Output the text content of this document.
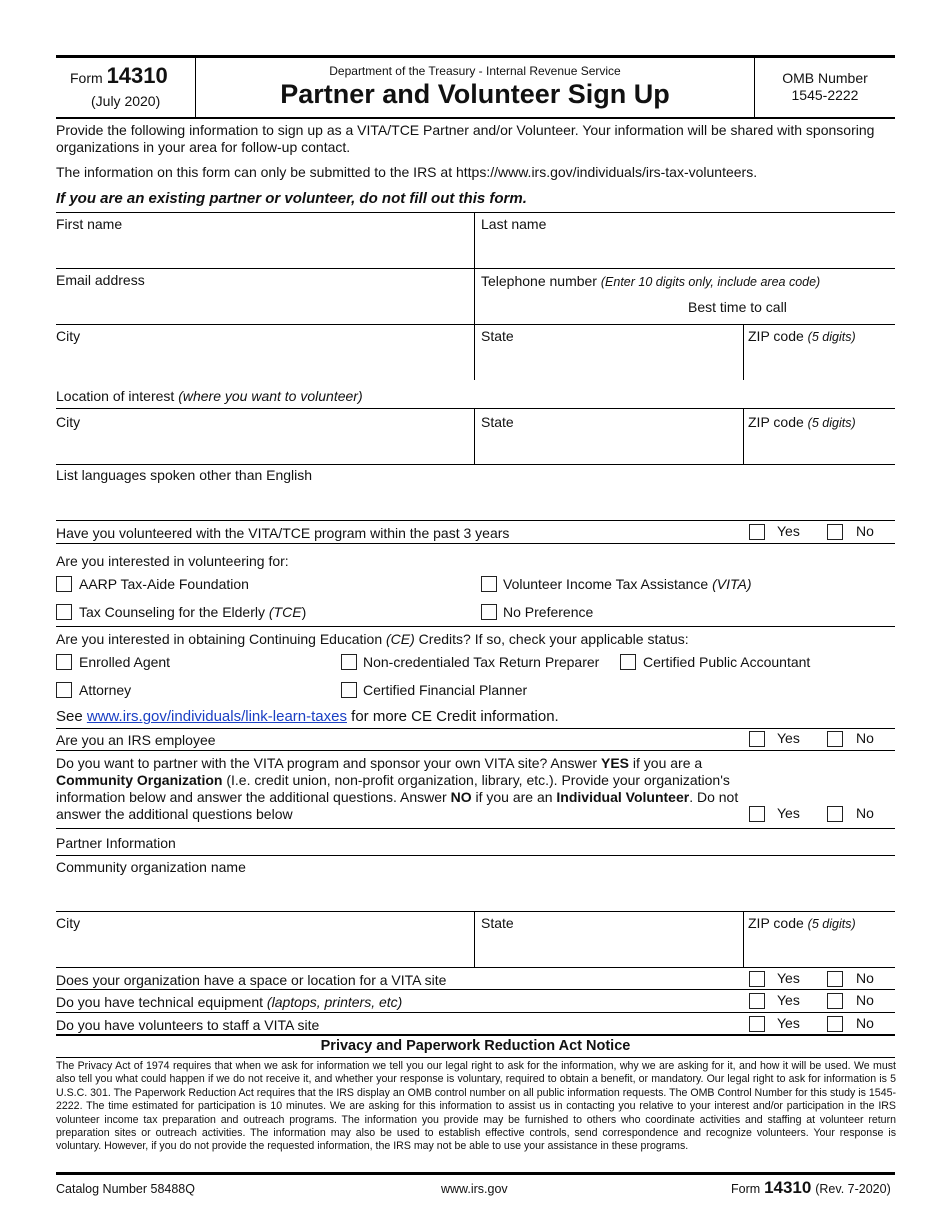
Form 14310
(July 2020)
Department of the Treasury - Internal Revenue Service
Partner and Volunteer Sign Up
OMB Number
1545-2222
Provide the following information to sign up as a VITA/TCE Partner and/or Volunteer. Your information will be shared with sponsoring organizations in your area for follow-up contact.
The information on this form can only be submitted to the IRS at https://www.irs.gov/individuals/irs-tax-volunteers.
If you are an existing partner or volunteer, do not fill out this form.
First name	Last name
Email address	Telephone number (Enter 10 digits only, include area code)
Best time to call
City	State	ZIP code (5 digits)
Location of interest (where you want to volunteer)
City	State	ZIP code (5 digits)
List languages spoken other than English
Have you volunteered with the VITA/TCE program within the past 3 years	Yes	No
Are you interested in volunteering for:
AARP Tax-Aide Foundation	Volunteer Income Tax Assistance (VITA)
Tax Counseling for the Elderly (TCE)	No Preference
Are you interested in obtaining Continuing Education (CE) Credits? If so, check your applicable status:
Enrolled Agent	Non-credentialed Tax Return Preparer	Certified Public Accountant
Attorney	Certified Financial Planner
See www.irs.gov/individuals/link-learn-taxes for more CE Credit information.
Are you an IRS employee	Yes	No
Do you want to partner with the VITA program and sponsor your own VITA site? Answer YES if you are a
Community Organization (I.e. credit union, non-profit organization, library, etc.). Provide your organization's
information below and answer the additional questions. Answer NO if you are an Individual Volunteer. Do not
answer the additional questions below	Yes	No
Partner Information
Community organization name
City	State	ZIP code (5 digits)
Does your organization have a space or location for a VITA site	Yes	No
Do you have technical equipment (laptops, printers, etc)	Yes	No
Do you have volunteers to staff a VITA site	Yes	No
Privacy and Paperwork Reduction Act Notice
The Privacy Act of 1974 requires that when we ask for information we tell you our legal right to ask for the information, why we are asking for it, and how it will be used. We must also tell you what could happen if we do not receive it, and whether your response is voluntary, required to obtain a benefit, or mandatory. Our legal right to ask for information is 5 U.S.C. 301. The Paperwork Reduction Act requires that the IRS display an OMB control number on all public information requests. The OMB Control Number for this study is 1545-2222. The time estimated for participation is 10 minutes. We are asking for this information to assist us in contacting you relative to your interest and/or participation in the IRS volunteer income tax preparation and outreach programs. The information you provide may be furnished to others who coordinate activities and staffing at volunteer return preparation sites or outreach activities. The information may also be used to establish effective controls, send correspondence and recognize volunteers. Your response is voluntary. However, if you do not provide the requested information, the IRS may not be able to use your assistance in these programs.
Catalog Number 58488Q	www.irs.gov	Form 14310 (Rev. 7-2020)
